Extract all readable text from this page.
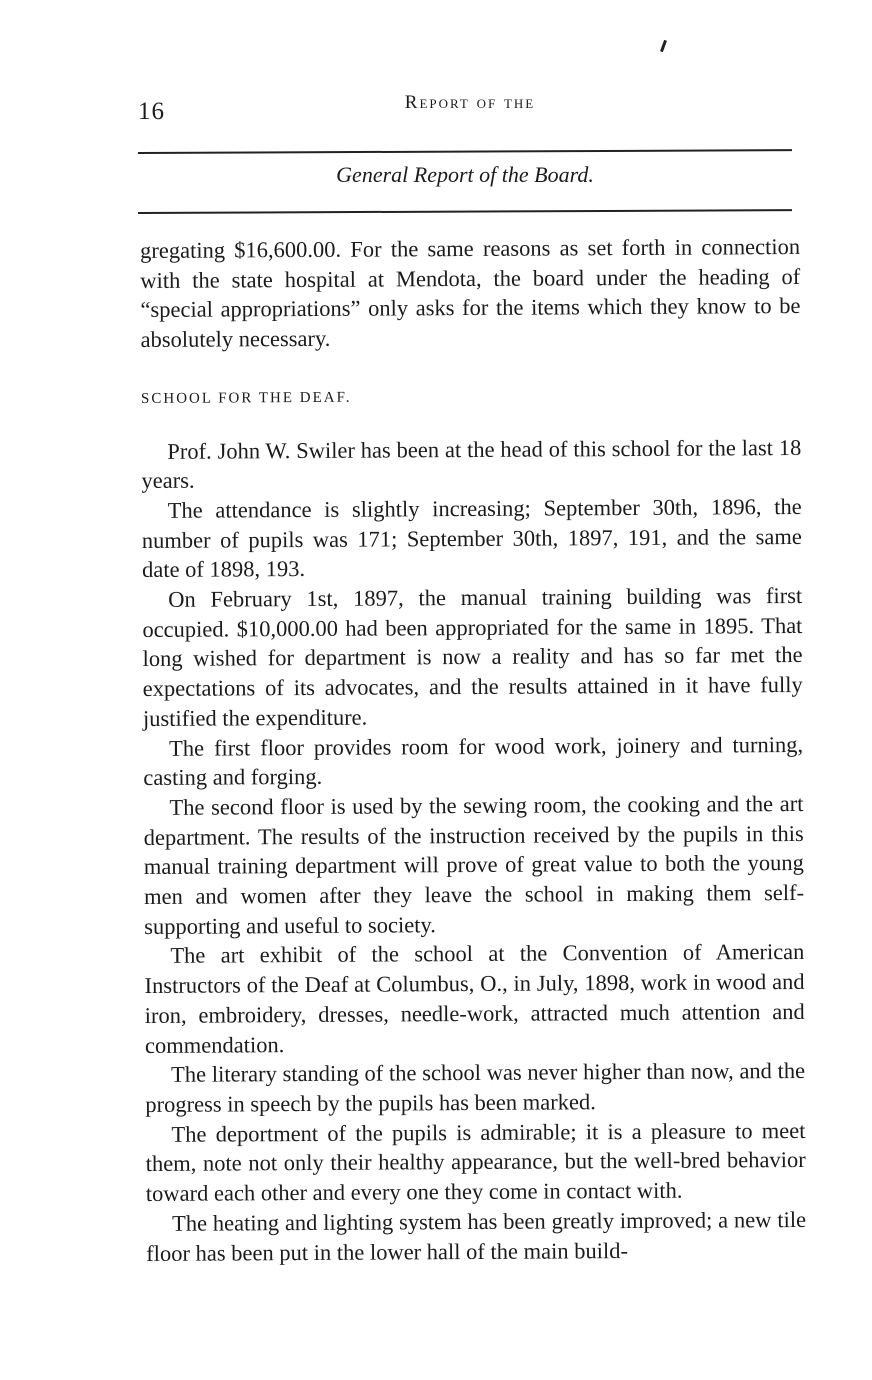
16	Report of the
General Report of the Board.

gregating $16,600.00. For the same reasons as set forth in connection with the state hospital at Mendota, the board under the heading of “special appropriations” only asks for the items which they know to be absolutely necessary.

SCHOOL FOR THE DEAF.

Prof. John W. Swiler has been at the head of this school for the last 18 years.

The attendance is slightly increasing; September 30th, 1896, the number of pupils was 171; September 30th, 1897, 191, and the same date of 1898, 193.

On February 1st, 1897, the manual training building was first occupied. $10,000.00 had been appropriated for the same in 1895. That long wished for department is now a reality and has so far met the expectations of its advocates, and the results attained in it have fully justified the expenditure.

The first floor provides room for wood work, joinery and turning, casting and forging.

The second floor is used by the sewing room, the cooking and the art department. The results of the instruction received by the pupils in this manual training department will prove of great value to both the young men and women after they leave the school in making them self-supporting and useful to society.

The art exhibit of the school at the Convention of American Instructors of the Deaf at Columbus, O., in July, 1898, work in wood and iron, embroidery, dresses, needle-work, attracted much attention and commendation.

The literary standing of the school was never higher than now, and the progress in speech by the pupils has been marked.

The deportment of the pupils is admirable; it is a pleasure to meet them, note not only their healthy appearance, but the well-bred behavior toward each other and every one they come in contact with.

The heating and lighting system has been greatly improved; a new tile floor has been put in the lower hall of the main build-
